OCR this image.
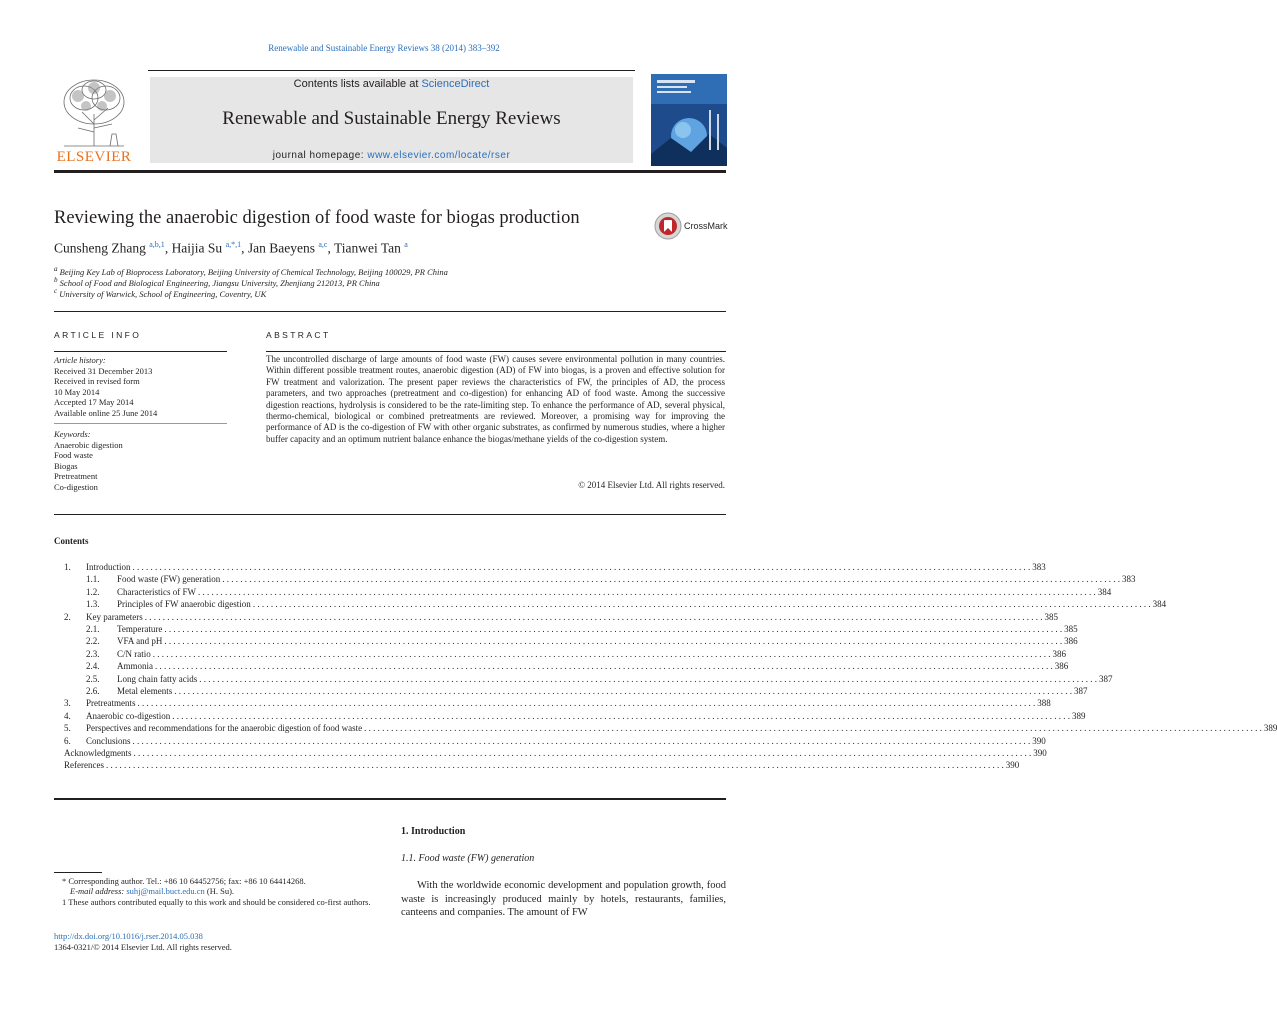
Renewable and Sustainable Energy Reviews 38 (2014) 383–392
ELSEVIER
Contents lists available at ScienceDirect
Renewable and Sustainable Energy Reviews
journal homepage: www.elsevier.com/locate/rser
Reviewing the anaerobic digestion of food waste for biogas production	CrossMark
Cunsheng Zhang $^{a,b,1}$, Haijia Su $^{a,*,1}$, Jan Baeyens $^{a,c}$, Tianwei Tan $^a$
$^a$ Beijing Key Lab of Bioprocess Laboratory, Beijing University of Chemical Technology, Beijing 100029, PR China
$^b$ School of Food and Biological Engineering, Jiangsu University, Zhenjiang 212013, PR China
$^c$ University of Warwick, School of Engineering, Coventry, UK
ARTICLE INFO
Article history:
Received 31 December 2013
Received in revised form
10 May 2014
Accepted 17 May 2014
Available online 25 June 2014
Keywords:
Anaerobic digestion
Food waste
Biogas
Pretreatment
Co-digestion
ABSTRACT
The uncontrolled discharge of large amounts of food waste (FW) causes severe environmental pollution in many countries. Within different possible treatment routes, anaerobic digestion (AD) of FW into biogas, is a proven and effective solution for FW treatment and valorization. The present paper reviews the characteristics of FW, the principles of AD, the process parameters, and two approaches (pretreatment and co-digestion) for enhancing AD of food waste. Among the successive digestion reactions, hydrolysis is considered to be the rate-limiting step. To enhance the performance of AD, several physical, thermo-chemical, biological or combined pretreatments are reviewed. Moreover, a promising way for improving the performance of AD is the co-digestion of FW with other organic substrates, as confirmed by numerous studies, where a higher buffer capacity and an optimum nutrient balance enhance the biogas/methane yields of the co-digestion system.
© 2014 Elsevier Ltd. All rights reserved.
Contents
1.	Introduction . . . . . . . . . . . . . . . . . . . . . . . . . . . . . . . . . . . . . . . . . . . . . . . . . . . . . . . . . . . . . . . . . . . . . . . . . . . . . . . . . . . . . . . . . . . . . . . . . . . . . . . . . . . . . . . . . . . . . . . . . . . . . . . . . . . . . . . . . . . . . . . . . . . . . . . . . . . . . . . . . . . . . . . . . . . . . . . . . . . . . . . . . . . . . . . . . . . . . . . . 383
1.1.	Food waste (FW) generation . . . . . . . . . . . . . . . . . . . . . . . . . . . . . . . . . . . . . . . . . . . . . . . . . . . . . . . . . . . . . . . . . . . . . . . . . . . . . . . . . . . . . . . . . . . . . . . . . . . . . . . . . . . . . . . . . . . . . . . . . . . . . . . . . . . . . . . . . . . . . . . . . . . . . . . . . . . . . . . . . . . . . . . . . . . . . . . . . . . . . . . . . . . . . . . . . . . . . . . . 383
1.2.	Characteristics of FW . . . . . . . . . . . . . . . . . . . . . . . . . . . . . . . . . . . . . . . . . . . . . . . . . . . . . . . . . . . . . . . . . . . . . . . . . . . . . . . . . . . . . . . . . . . . . . . . . . . . . . . . . . . . . . . . . . . . . . . . . . . . . . . . . . . . . . . . . . . . . . . . . . . . . . . . . . . . . . . . . . . . . . . . . . . . . . . . . . . . . . . . . . . . . . . . . . . . . . . . 384
1.3.	Principles of FW anaerobic digestion . . . . . . . . . . . . . . . . . . . . . . . . . . . . . . . . . . . . . . . . . . . . . . . . . . . . . . . . . . . . . . . . . . . . . . . . . . . . . . . . . . . . . . . . . . . . . . . . . . . . . . . . . . . . . . . . . . . . . . . . . . . . . . . . . . . . . . . . . . . . . . . . . . . . . . . . . . . . . . . . . . . . . . . . . . . . . . . . . . . . . . . . . . . . . . . . . . . . . . . . 384
2.	Key parameters . . . . . . . . . . . . . . . . . . . . . . . . . . . . . . . . . . . . . . . . . . . . . . . . . . . . . . . . . . . . . . . . . . . . . . . . . . . . . . . . . . . . . . . . . . . . . . . . . . . . . . . . . . . . . . . . . . . . . . . . . . . . . . . . . . . . . . . . . . . . . . . . . . . . . . . . . . . . . . . . . . . . . . . . . . . . . . . . . . . . . . . . . . . . . . . . . . . . . . . . 385
2.1.	Temperature . . . . . . . . . . . . . . . . . . . . . . . . . . . . . . . . . . . . . . . . . . . . . . . . . . . . . . . . . . . . . . . . . . . . . . . . . . . . . . . . . . . . . . . . . . . . . . . . . . . . . . . . . . . . . . . . . . . . . . . . . . . . . . . . . . . . . . . . . . . . . . . . . . . . . . . . . . . . . . . . . . . . . . . . . . . . . . . . . . . . . . . . . . . . . . . . . . . . . . . . 385
2.2.	VFA and pH . . . . . . . . . . . . . . . . . . . . . . . . . . . . . . . . . . . . . . . . . . . . . . . . . . . . . . . . . . . . . . . . . . . . . . . . . . . . . . . . . . . . . . . . . . . . . . . . . . . . . . . . . . . . . . . . . . . . . . . . . . . . . . . . . . . . . . . . . . . . . . . . . . . . . . . . . . . . . . . . . . . . . . . . . . . . . . . . . . . . . . . . . . . . . . . . . . . . . . . . 386
2.3.	C/N ratio . . . . . . . . . . . . . . . . . . . . . . . . . . . . . . . . . . . . . . . . . . . . . . . . . . . . . . . . . . . . . . . . . . . . . . . . . . . . . . . . . . . . . . . . . . . . . . . . . . . . . . . . . . . . . . . . . . . . . . . . . . . . . . . . . . . . . . . . . . . . . . . . . . . . . . . . . . . . . . . . . . . . . . . . . . . . . . . . . . . . . . . . . . . . . . . . . . . . . . . . 386
2.4.	Ammonia . . . . . . . . . . . . . . . . . . . . . . . . . . . . . . . . . . . . . . . . . . . . . . . . . . . . . . . . . . . . . . . . . . . . . . . . . . . . . . . . . . . . . . . . . . . . . . . . . . . . . . . . . . . . . . . . . . . . . . . . . . . . . . . . . . . . . . . . . . . . . . . . . . . . . . . . . . . . . . . . . . . . . . . . . . . . . . . . . . . . . . . . . . . . . . . . . . . . . . . . 386
2.5.	Long chain fatty acids . . . . . . . . . . . . . . . . . . . . . . . . . . . . . . . . . . . . . . . . . . . . . . . . . . . . . . . . . . . . . . . . . . . . . . . . . . . . . . . . . . . . . . . . . . . . . . . . . . . . . . . . . . . . . . . . . . . . . . . . . . . . . . . . . . . . . . . . . . . . . . . . . . . . . . . . . . . . . . . . . . . . . . . . . . . . . . . . . . . . . . . . . . . . . . . . . . . . . . . . 387
2.6.	Metal elements . . . . . . . . . . . . . . . . . . . . . . . . . . . . . . . . . . . . . . . . . . . . . . . . . . . . . . . . . . . . . . . . . . . . . . . . . . . . . . . . . . . . . . . . . . . . . . . . . . . . . . . . . . . . . . . . . . . . . . . . . . . . . . . . . . . . . . . . . . . . . . . . . . . . . . . . . . . . . . . . . . . . . . . . . . . . . . . . . . . . . . . . . . . . . . . . . . . . . . . . 387
3.	Pretreatments . . . . . . . . . . . . . . . . . . . . . . . . . . . . . . . . . . . . . . . . . . . . . . . . . . . . . . . . . . . . . . . . . . . . . . . . . . . . . . . . . . . . . . . . . . . . . . . . . . . . . . . . . . . . . . . . . . . . . . . . . . . . . . . . . . . . . . . . . . . . . . . . . . . . . . . . . . . . . . . . . . . . . . . . . . . . . . . . . . . . . . . . . . . . . . . . . . . . . . . . 388
4.	Anaerobic co-digestion . . . . . . . . . . . . . . . . . . . . . . . . . . . . . . . . . . . . . . . . . . . . . . . . . . . . . . . . . . . . . . . . . . . . . . . . . . . . . . . . . . . . . . . . . . . . . . . . . . . . . . . . . . . . . . . . . . . . . . . . . . . . . . . . . . . . . . . . . . . . . . . . . . . . . . . . . . . . . . . . . . . . . . . . . . . . . . . . . . . . . . . . . . . . . . . . . . . . . . . . 389
5.	Perspectives and recommendations for the anaerobic digestion of food waste . . . . . . . . . . . . . . . . . . . . . . . . . . . . . . . . . . . . . . . . . . . . . . . . . . . . . . . . . . . . . . . . . . . . . . . . . . . . . . . . . . . . . . . . . . . . . . . . . . . . . . . . . . . . . . . . . . . . . . . . . . . . . . . . . . . . . . . . . . . . . . . . . . . . . . . . . . . . . . . . . . . . . . . . . . . . . . . . . . . . . . . . . . . . . . . . . . . . . . . . 389
6.	Conclusions . . . . . . . . . . . . . . . . . . . . . . . . . . . . . . . . . . . . . . . . . . . . . . . . . . . . . . . . . . . . . . . . . . . . . . . . . . . . . . . . . . . . . . . . . . . . . . . . . . . . . . . . . . . . . . . . . . . . . . . . . . . . . . . . . . . . . . . . . . . . . . . . . . . . . . . . . . . . . . . . . . . . . . . . . . . . . . . . . . . . . . . . . . . . . . . . . . . . . . . . 390
Acknowledgments . . . . . . . . . . . . . . . . . . . . . . . . . . . . . . . . . . . . . . . . . . . . . . . . . . . . . . . . . . . . . . . . . . . . . . . . . . . . . . . . . . . . . . . . . . . . . . . . . . . . . . . . . . . . . . . . . . . . . . . . . . . . . . . . . . . . . . . . . . . . . . . . . . . . . . . . . . . . . . . . . . . . . . . . . . . . . . . . . . . . . . . . . . . . . . . . . . . . . . . . 390
References . . . . . . . . . . . . . . . . . . . . . . . . . . . . . . . . . . . . . . . . . . . . . . . . . . . . . . . . . . . . . . . . . . . . . . . . . . . . . . . . . . . . . . . . . . . . . . . . . . . . . . . . . . . . . . . . . . . . . . . . . . . . . . . . . . . . . . . . . . . . . . . . . . . . . . . . . . . . . . . . . . . . . . . . . . . . . . . . . . . . . . . . . . . . . . . . . . . . . . . . 390
* Corresponding author. Tel.: +86 10 64452756; fax: +86 10 64414268.
E-mail address: suhj@mail.buct.edu.cn (H. Su).
1 These authors contributed equally to this work and should be considered co-first authors.
http://dx.doi.org/10.1016/j.rser.2014.05.038
1364-0321/© 2014 Elsevier Ltd. All rights reserved.
1. Introduction
1.1. Food waste (FW) generation
With the worldwide economic development and population growth, food waste is increasingly produced mainly by hotels, restaurants, families, canteens and companies. The amount of FW
